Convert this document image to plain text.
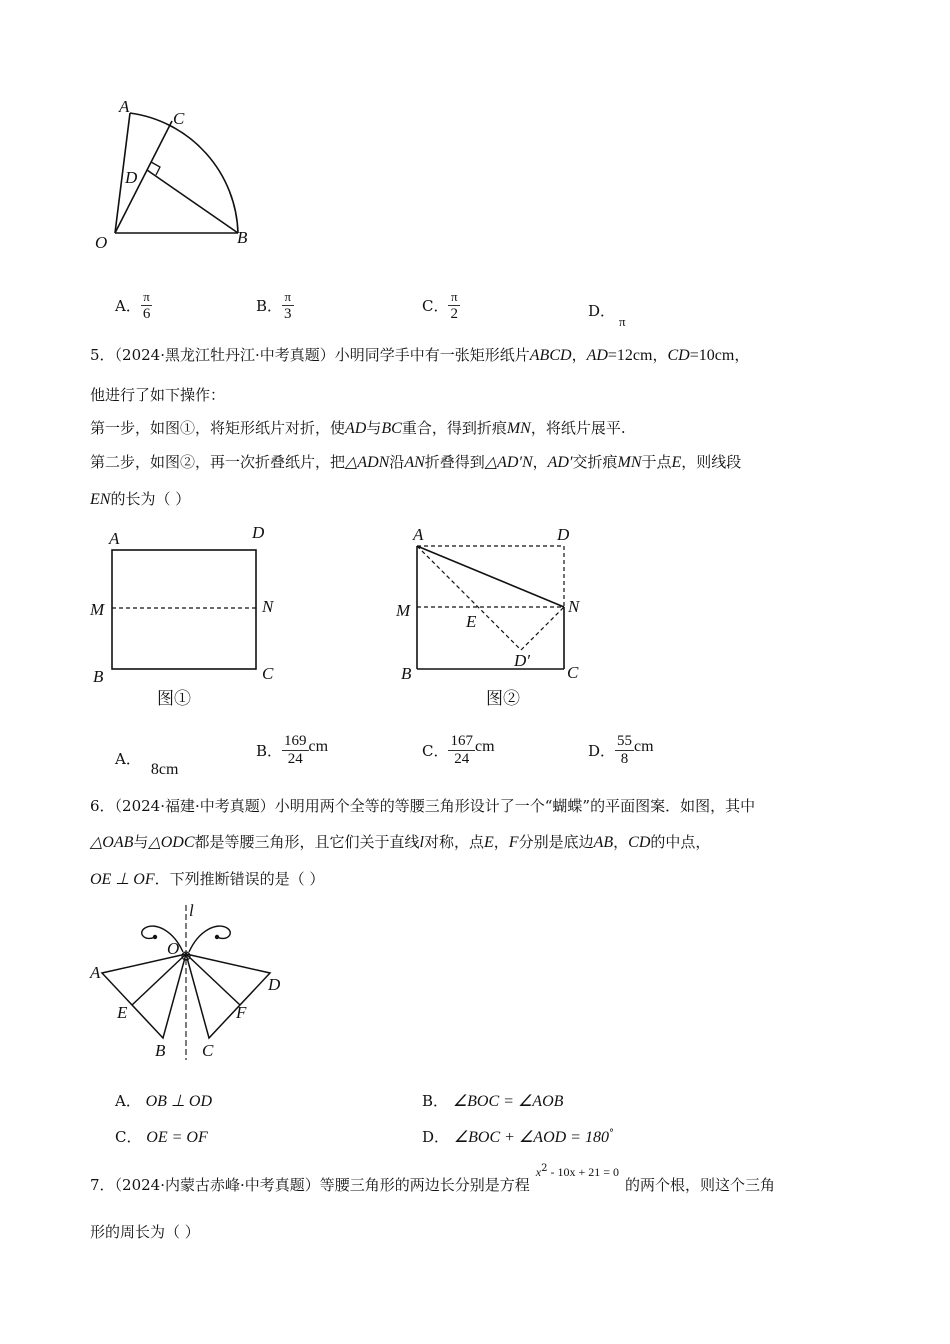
A
C
D
O	B
A． $\frac{\pi}{6}$	B． $\frac{\pi}{3}$	C． $\frac{\pi}{2}$	D．π
5．（2024·黑龙江牡丹江·中考真题）小明同学手中有一张矩形纸片ABCD，AD=12cm，CD=10cm，
他进行了如下操作：
第一步，如图①，将矩形纸片对折，使AD与BC重合，得到折痕MN，将纸片展平.
第二步，如图②，再一次折叠纸片，把△ADN沿AN折叠得到△AD′N，AD′交折痕MN于点E，则线段
EN的长为（ ）
A	D
M	N
B	C
图①
A	D
M	N
E
D′
B	C
图②
A．8cm
B． $\frac{169}{24}$ cm	C． $\frac{167}{24}$ cm	D． $\frac{55}{8}$ cm
6．（2024·福建·中考真题）小明用两个全等的等腰三角形设计了一个“蝴蝶”的平面图案．如图，其中
△OAB与△ODC都是等腰三角形，且它们关于直线l对称，点E，F分别是底边AB，CD的中点，
OE ⊥ OF．下列推断错误的是（ ）
l
O
A
D
E	F
B C
A． OB ⊥ OD	B． ∠BOC = ∠AOB
C． OE = OF	D． ∠BOC + ∠AOD = 180°
7．（2024·内蒙古赤峰·中考真题）等腰三角形的两边长分别是方程$^{x^2 - 10x + 21 = 0}$的两个根，则这个三角
形的周长为（ ）
